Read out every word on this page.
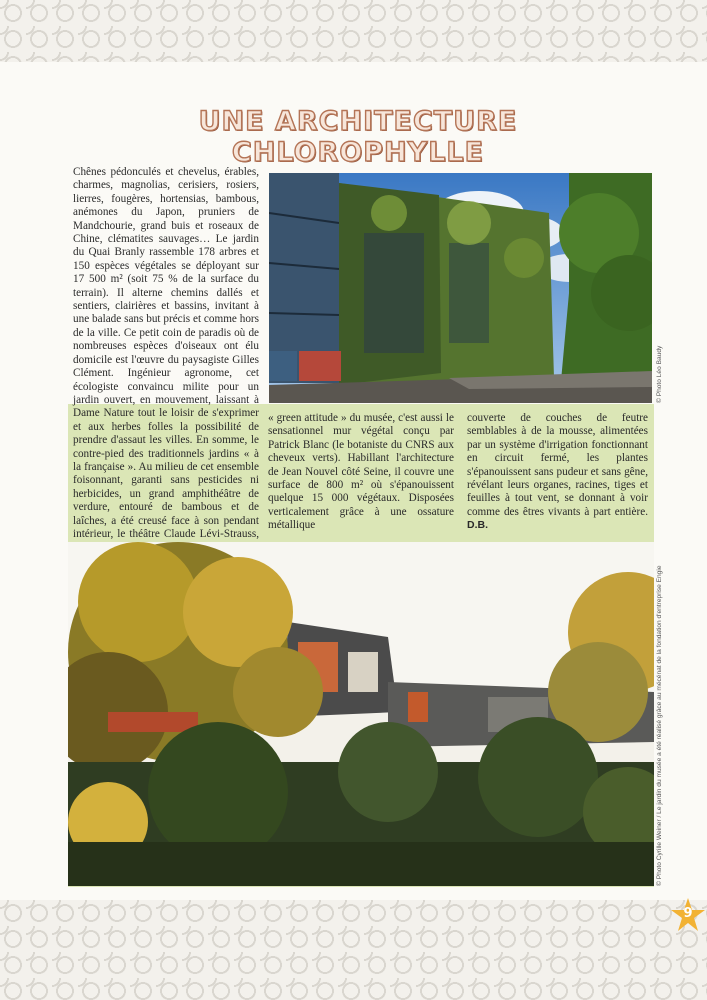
UNE ARCHITECTURE CHLOROPHYLLE

Chênes pédonculés et chevelus, érables, charmes, magnolias, cerisiers, rosiers, lierres, fougères, hortensias, bambous, anémones du Japon, pruniers de Mandchourie, grand buis et roseaux de Chine, clématites sauvages… Le jardin du Quai Branly rassemble 178 arbres et 150 espèces végétales se déployant sur 17 500 m² (soit 75 % de la surface du terrain). Il alterne chemins dallés et sentiers, clairières et bassins, invitant à une balade sans but précis et comme hors de la ville. Ce petit coin de paradis où de nombreuses espèces d'oiseaux ont élu domicile est l'œuvre du paysagiste Gilles Clément. Ingénieur agronome, cet écologiste convaincu milite pour un jardin ouvert, en mouvement, laissant à Dame Nature tout le loisir de s'exprimer et aux herbes folles la possibilité de prendre d'assaut les villes. En somme, le contre-pied des traditionnels jardins « à la française ». Au milieu de cet ensemble foisonnant, garanti sans pesticides ni herbicides, un grand amphithéâtre de verdure, entouré de bambous et de laîches, a été creusé face à son pendant intérieur, le théâtre Claude Lévi-Strauss,

© Photo Léo Baudy

« green attitude » du musée, c'est aussi le sensationnel mur végétal conçu par Patrick Blanc (le botaniste du CNRS aux cheveux verts). Habillant l'architecture de Jean Nouvel côté Seine, il couvre une surface de 800 m² où s'épanouissent quelque 15 000 végétaux. Disposées verticalement grâce à une ossature métallique

couverte de couches de feutre semblables à de la mousse, alimentées par un système d'irrigation fonctionnant en circuit fermé, les plantes s'épanouissent sans pudeur et sans gêne, révélant leurs organes, racines, tiges et feuilles à tout vent, se donnant à voir comme des êtres vivants à part entière. D.B.

© Photo Cyrille Weiner / Le jardin du musée a été réalisé grâce au mécénat de la fondation d'entreprise Engie
9
